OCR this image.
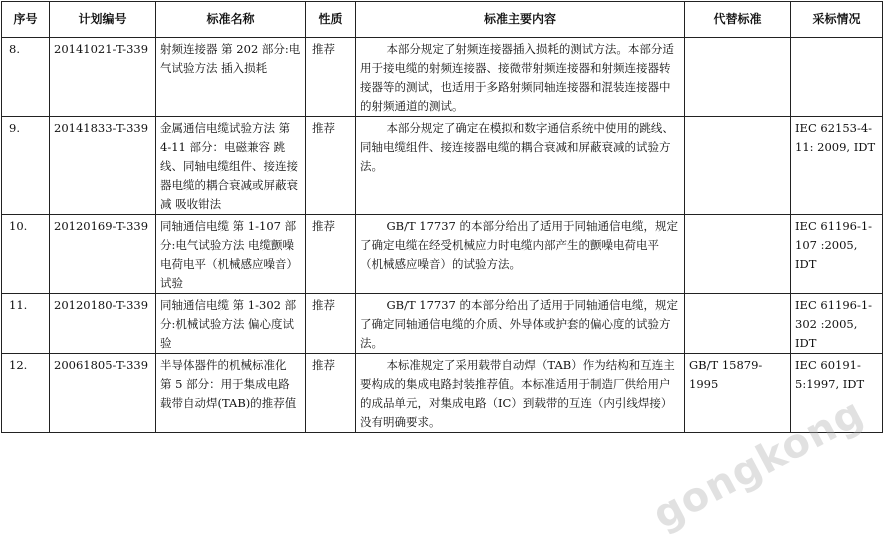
序号	计划编号	标准名称	性质	标准主要内容	代替标准	采标情况
8.	20141021-T-339	射频连接器 第 202 部分:电气试验方法 插入损耗	推荐	本部分规定了射频连接器插入损耗的测试方法。本部分适用于接电缆的射频连接器、接微带射频连接器和射频连接器转接器等的测试，也适用于多路射频同轴连接器和混装连接器中的射频通道的测试。		
9.	20141833-T-339	金属通信电缆试验方法 第 4-11 部分：电磁兼容 跳线、同轴电缆组件、接连接器电缆的耦合衰减或屏蔽衰减 吸收钳法	推荐	本部分规定了确定在模拟和数字通信系统中使用的跳线、同轴电缆组件、接连接器电缆的耦合衰减和屏蔽衰减的试验方法。		IEC 62153-4-11: 2009, IDT
10.	20120169-T-339	同轴通信电缆 第 1-107 部分:电气试验方法 电缆颤噪电荷电平（机械感应噪音）试验	推荐	GB/T 17737 的本部分给出了适用于同轴通信电缆，规定了确定电缆在经受机械应力时电缆内部产生的颤噪电荷电平（机械感应噪音）的试验方法。		IEC 61196-1-107 :2005, IDT
11.	20120180-T-339	同轴通信电缆 第 1-302 部分:机械试验方法 偏心度试验	推荐	GB/T 17737 的本部分给出了适用于同轴通信电缆，规定了确定同轴通信电缆的介质、外导体或护套的偏心度的试验方法。		IEC 61196-1-302 :2005, IDT
12.	20061805-T-339	半导体器件的机械标准化 第 5 部分：用于集成电路载带自动焊(TAB)的推荐值	推荐	本标准规定了采用载带自动焊（TAB）作为结构和互连主要构成的集成电路封装推荐值。本标准适用于制造厂供给用户的成品单元，对集成电路（IC）到载带的互连（内引线焊接）没有明确要求。	GB/T 15879-1995	IEC 60191-5:1997, IDT
gongkong
